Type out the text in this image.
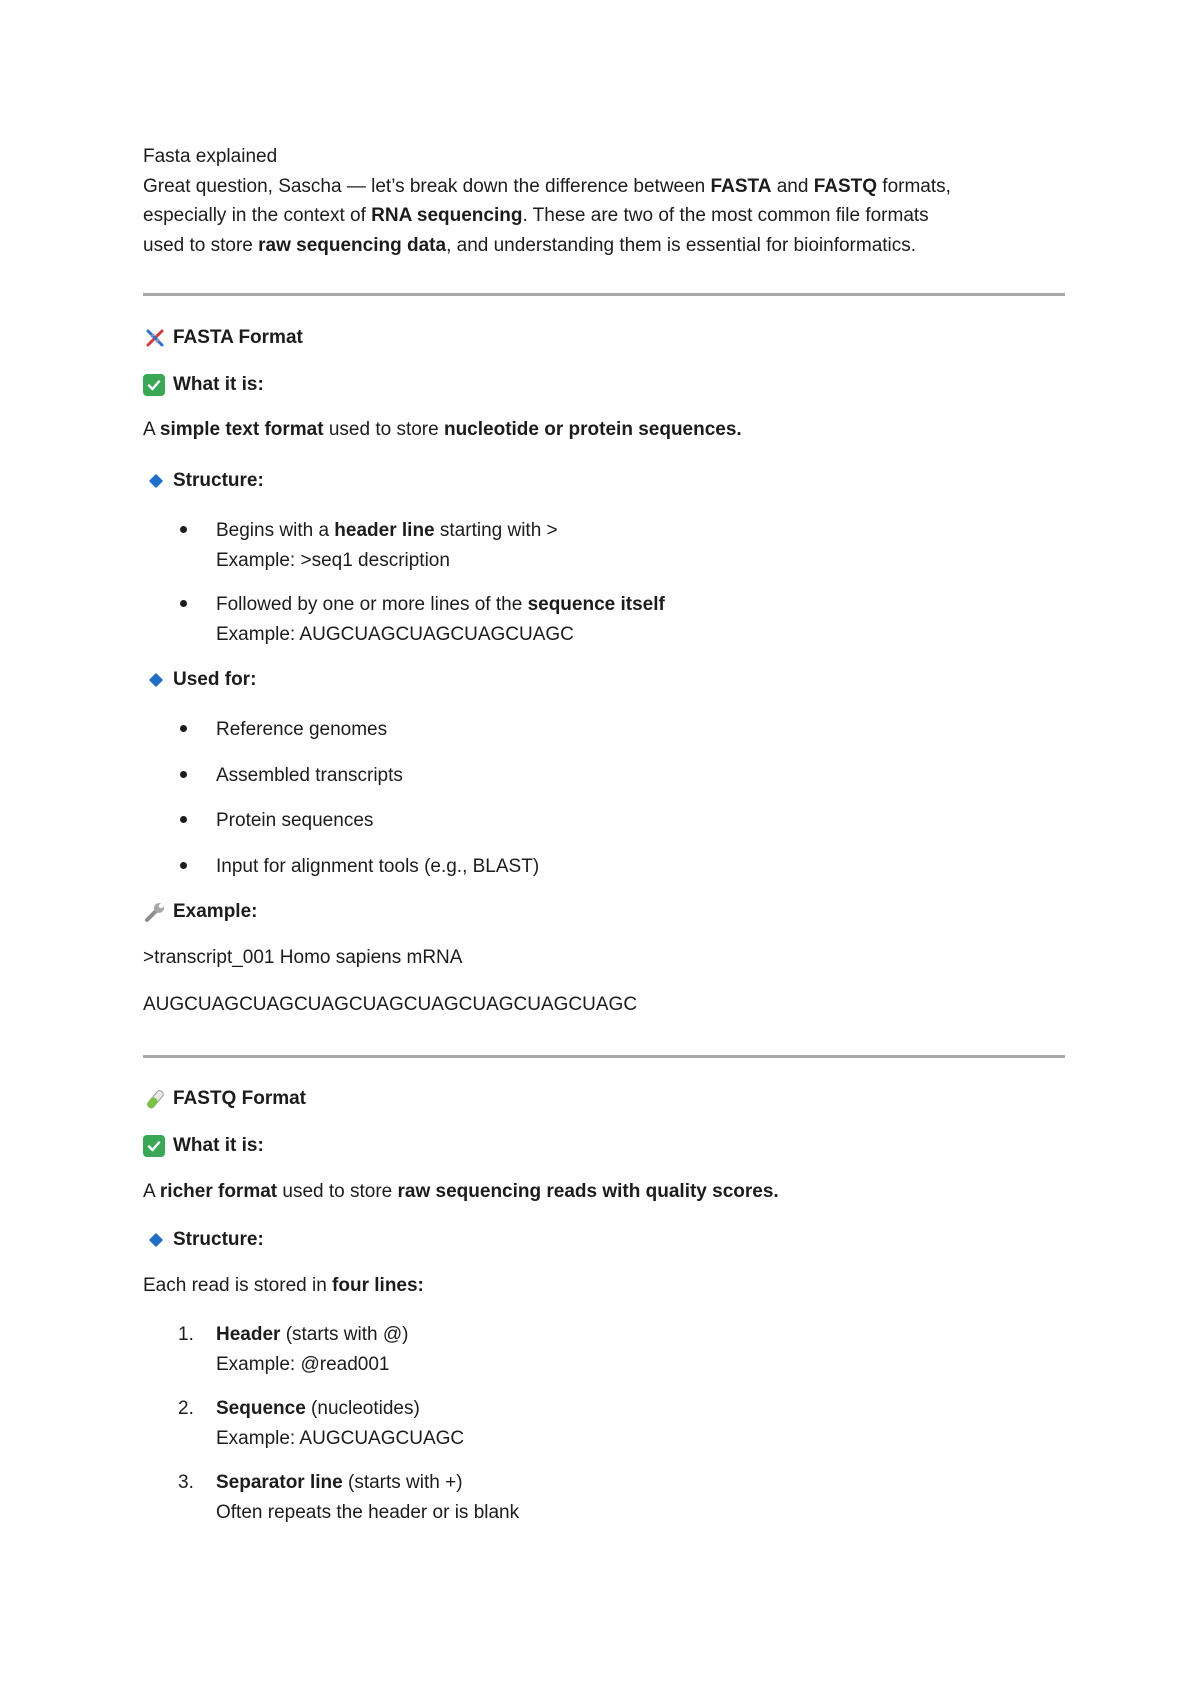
Fasta explained

Great question, Sascha — let’s break down the difference between FASTA and FASTQ formats,
especially in the context of RNA sequencing. These are two of the most common file formats
used to store raw sequencing data, and understanding them is essential for bioinformatics.

FASTA Format
What it is:

A simple text format used to store nucleotide or protein sequences.

Structure:
Begins with a header line starting with >
Example: >seq1 description
Followed by one or more lines of the sequence itself
Example: AUGCUAGCUAGCUAGCUAGC
Used for:
Reference genomes
Assembled transcripts
Protein sequences
Input for alignment tools (e.g., BLAST)
Example:

>transcript_001 Homo sapiens mRNA

AUGCUAGCUAGCUAGCUAGCUAGCUAGCUAGCUAGC

FASTQ Format
What it is:

A richer format used to store raw sequencing reads with quality scores.

Structure:

Each read is stored in four lines:

1. Header (starts with @)
Example: @read001
2. Sequence (nucleotides)
Example: AUGCUAGCUAGC
3. Separator line (starts with +)
Often repeats the header or is blank
